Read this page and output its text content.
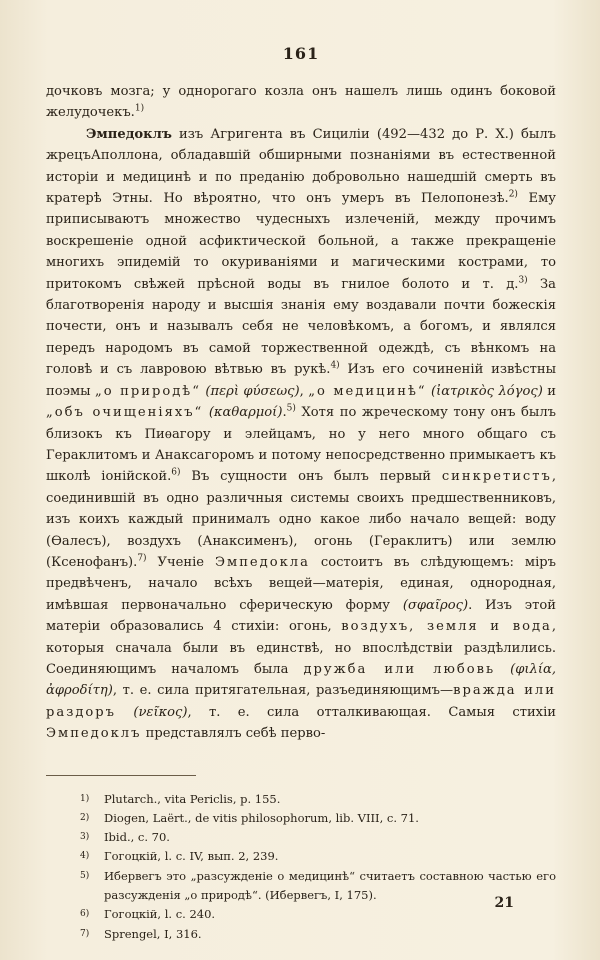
161

дочковъ мозга; у однорогаго козла онъ нашелъ лишь одинъ боковой желудочекъ.$^{1)}$

Эмпедоклъ изъ Агригента въ Сициліи (492—432 до Р. Х.) былъ жрецъАполлона, обладавшій обширными познаніями въ естественной исторіи и медицинѣ и по преданію добровольно нашедшій смерть въ кратерѣ Этны. Но вѣроятно, что онъ умеръ въ Пелопонезѣ.$^{2)}$ Ему приписываютъ множество чудесныхъ излеченій, между прочимъ воскрешеніе одной асфиктической больной, а также прекращеніе многихъ эпидемій то окуриваніями и магическими кострами, то притокомъ свѣжей прѣсной воды въ гнилое болото и т. д.$^{3)}$ За благотворенія народу и высшія знанія ему воздавали почти божескія почести, онъ и называлъ себя не человѣкомъ, а богомъ, и являлся передъ народомъ въ самой торжественной одеждѣ, съ вѣнкомъ на головѣ и съ лавровою вѣтвью въ рукѣ.$^{4)}$ Изъ его сочиненій извѣстны поэмы „о природѣ“ (περὶ φύσεως), „о медицинѣ“ (ἰατρικὸς λόγος) и „объ очищеніяхъ“ (καθαρμοί).$^{5)}$ Хотя по жреческому тону онъ былъ близокъ къ Пиѳагору и элейцамъ, но у него много общаго съ Гераклитомъ и Анаксагоромъ и потому непосредственно примыкаетъ къ школѣ іонійской.$^{6)}$ Въ сущности онъ былъ первый синкретистъ, соединившій въ одно различныя системы своихъ предшественниковъ, изъ коихъ каждый принималъ одно какое либо начало вещей: воду (Ѳалесъ), воздухъ (Анаксименъ), огонь (Гераклитъ) или землю (Ксенофанъ).$^{7)}$ Ученіе Эмпедокла состоитъ въ слѣдующемъ: міръ предвѣченъ, начало всѣхъ вещей—матерія, единая, однородная, имѣвшая первоначально сферическую форму (σφαῖρος). Изъ этой матеріи образовались 4 стихіи: огонь, воздухъ, земля и вода, которыя сначала были въ единствѣ, но впослѣдствіи раздѣлились. Соединяющимъ началомъ была дружба или любовь (φιλία, ἀφροδίτη), т. е. сила притягательная, разъединяющимъ—вражда или раздоръ (νεῖκος), т. е. сила отталкивающая. Самыя стихіи Эмпедоклъ представлялъ себѣ перво-

1) Plutarch., vita Periclis, p. 155.

2) Diogen, Laërt., de vitis philosophorum, lib. VIII, c. 71.

3) Ibid., c. 70.

4) Гогоцкій, l. c. IV, вып. 2, 239.

5) Ибервегъ это „разсужденіе о медицинѣ“ считаетъ составною частью его разсужденія „о природѣ“. (Ибервегъ, I, 175).

6) Гогоцкій, l. c. 240.

7) Sprengel, I, 316.

21
